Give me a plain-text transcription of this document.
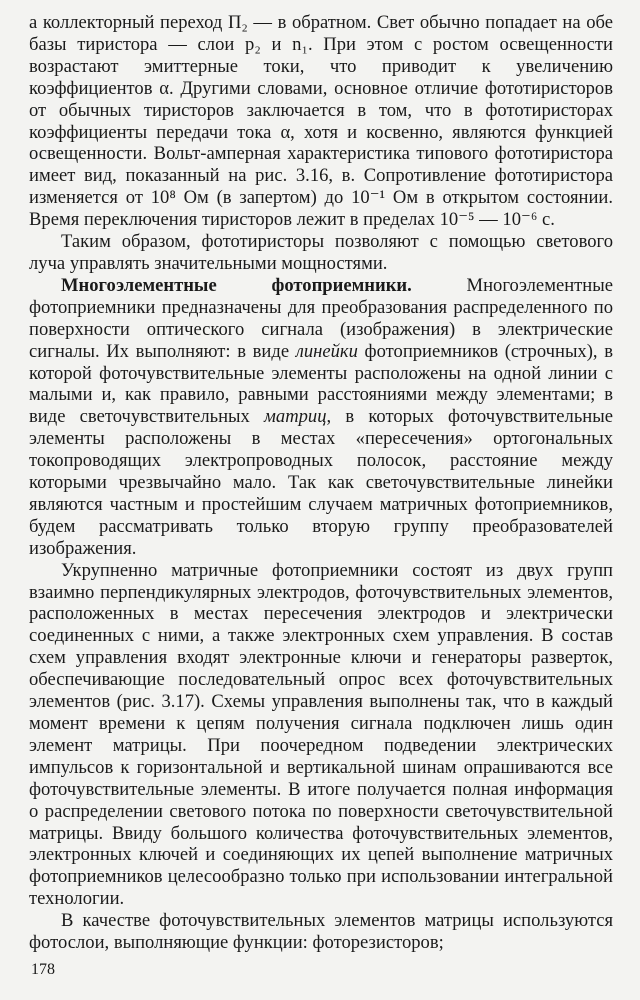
а коллекторный переход П₂ — в обратном. Свет обычно попадает на обе базы тиристора — слои p₂ и n₁. При этом с ростом освещенности возрастают эмиттерные токи, что приводит к увеличению коэффициентов α. Другими словами, основное отличие фототиристоров от обычных тиристоров заключается в том, что в фототиристорах коэффициенты передачи тока α, хотя и косвенно, являются функцией освещенности. Вольт-амперная характеристика типового фототиристора имеет вид, показанный на рис. 3.16, в. Сопротивление фототиристора изменяется от 10⁸ Ом (в запертом) до 10⁻¹ Ом в открытом состоянии. Время переключения тиристоров лежит в пределах 10⁻⁵ — 10⁻⁶ с.

Таким образом, фототиристоры позволяют с помощью светового луча управлять значительными мощностями.

Многоэлементные фотоприемники. Многоэлементные фотоприемники предназначены для преобразования распределенного по поверхности оптического сигнала (изображения) в электрические сигналы. Их выполняют: в виде линейки фотоприемников (строчных), в которой фоточувствительные элементы расположены на одной линии с малыми и, как правило, равными расстояниями между элементами; в виде светочувствительных матриц, в которых фоточувствительные элементы расположены в местах «пересечения» ортогональных токопроводящих электропроводных полосок, расстояние между которыми чрезвычайно мало. Так как светочувствительные линейки являются частным и простейшим случаем матричных фотоприемников, будем рассматривать только вторую группу преобразователей изображения.

Укрупненно матричные фотоприемники состоят из двух групп взаимно перпендикулярных электродов, фоточувствительных элементов, расположенных в местах пересечения электродов и электрически соединенных с ними, а также электронных схем управления. В состав схем управления входят электронные ключи и генераторы разверток, обеспечивающие последовательный опрос всех фоточувствительных элементов (рис. 3.17). Схемы управления выполнены так, что в каждый момент времени к цепям получения сигнала подключен лишь один элемент матрицы. При поочередном подведении электрических импульсов к горизонтальной и вертикальной шинам опрашиваются все фоточувствительные элементы. В итоге получается полная информация о распределении светового потока по поверхности светочувствительной матрицы. Ввиду большого количества фоточувствительных элементов, электронных ключей и соединяющих их цепей выполнение матричных фотоприемников целесообразно только при использовании интегральной технологии.

В качестве фоточувствительных элементов матрицы используются фотослои, выполняющие функции: фоторезисторов;

178
